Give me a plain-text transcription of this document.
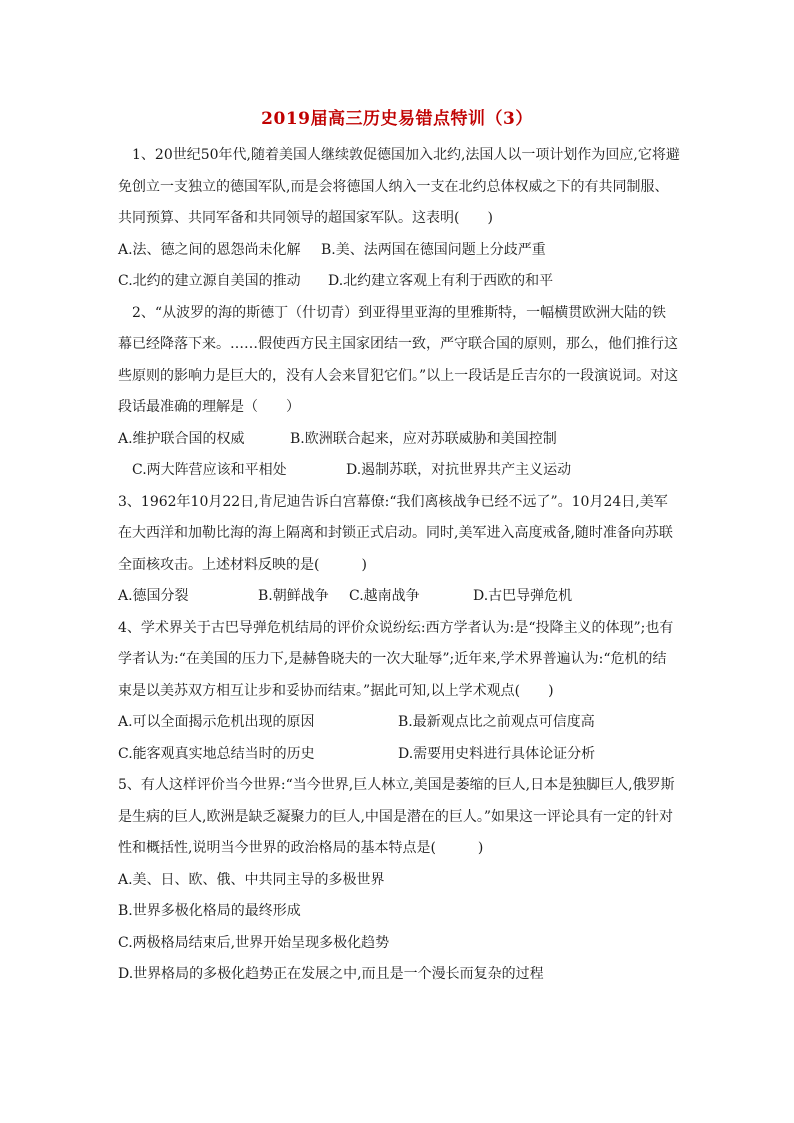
2019届高三历史易错点特训（3）

1、20世纪50年代,随着美国人继续敦促德国加入北约,法国人以一项计划作为回应,它将避免创立一支独立的德国军队,而是会将德国人纳入一支在北约总体权威之下的有共同制服、共同预算、共同军备和共同领导的超国家军队。这表明(　　)

A.法、德之间的恩怨尚未化解	B.美、法两国在德国问题上分歧严重
C.北约的建立源自美国的推动	D.北约建立客观上有利于西欧的和平

2、“从波罗的海的斯德丁（什切青）到亚得里亚海的里雅斯特，一幅横贯欧洲大陆的铁幕已经降落下来。……假使西方民主国家团结一致，严守联合国的原则，那么，他们推行这些原则的影响力是巨大的，没有人会来冒犯它们。”以上一段话是丘吉尔的一段演说词。对这段话最准确的理解是（　　）

A.维护联合国的权威	B.欧洲联合起来，应对苏联威胁和美国控制
C.两大阵营应该和平相处	D.遏制苏联，对抗世界共产主义运动

3、1962年10月22日,肯尼迪告诉白宫幕僚:“我们离核战争已经不远了”。10月24日,美军在大西洋和加勒比海的海上隔离和封锁正式启动。同时,美军进入高度戒备,随时准备向苏联全面核攻击。上述材料反映的是(　　　)

A.德国分裂	B.朝鲜战争	C.越南战争	D.古巴导弹危机

4、学术界关于古巴导弹危机结局的评价众说纷纭:西方学者认为:是“投降主义的体现”;也有学者认为:“在美国的压力下,是赫鲁晓夫的一次大耻辱”;近年来,学术界普遍认为:“危机的结束是以美苏双方相互让步和妥协而结束。”据此可知,以上学术观点(　　)

A.可以全面揭示危机出现的原因	B.最新观点比之前观点可信度高
C.能客观真实地总结当时的历史	D.需要用史料进行具体论证分析

5、有人这样评价当今世界:“当今世界,巨人林立,美国是萎缩的巨人,日本是独脚巨人,俄罗斯是生病的巨人,欧洲是缺乏凝聚力的巨人,中国是潜在的巨人。”如果这一评论具有一定的针对性和概括性,说明当今世界的政治格局的基本特点是(　　　)

A.美、日、欧、俄、中共同主导的多极世界

B.世界多极化格局的最终形成

C.两极格局结束后,世界开始呈现多极化趋势

D.世界格局的多极化趋势正在发展之中,而且是一个漫长而复杂的过程
